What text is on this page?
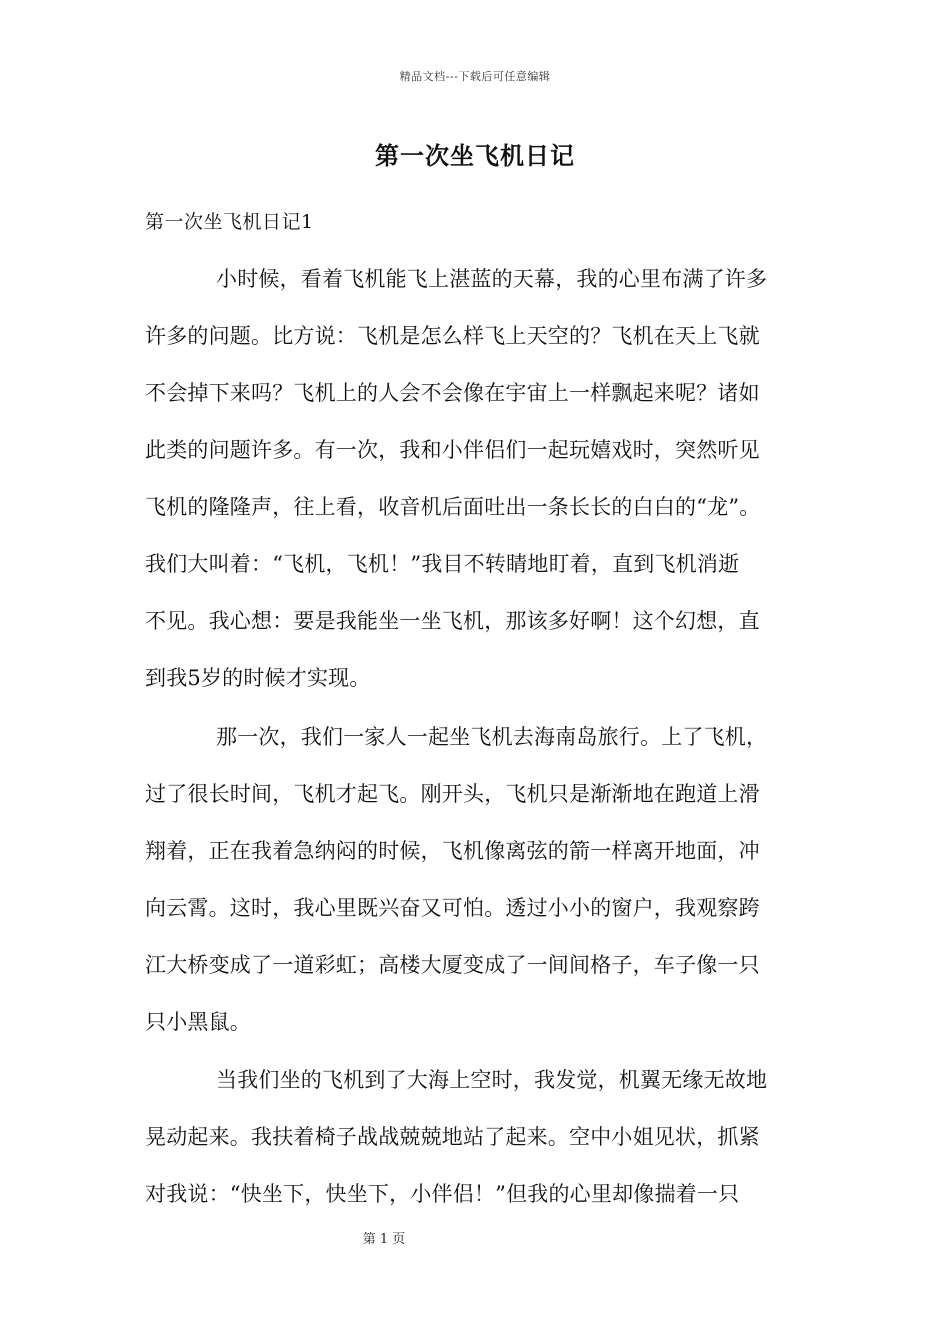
精品文档---下载后可任意编辑
第一次坐飞机日记
第一次坐飞机日记1
小时候，看着飞机能飞上湛蓝的天幕，我的心里布满了许多
许多的问题。比方说：飞机是怎么样飞上天空的？飞机在天上飞就
不会掉下来吗？飞机上的人会不会像在宇宙上一样飘起来呢？诸如
此类的问题许多。有一次，我和小伴侣们一起玩嬉戏时，突然听见
飞机的隆隆声，往上看，收音机后面吐出一条长长的白白的“龙”。
我们大叫着：“飞机，飞机！”我目不转睛地盯着，直到飞机消逝
不见。我心想：要是我能坐一坐飞机，那该多好啊！这个幻想，直
到我5岁的时候才实现。
那一次，我们一家人一起坐飞机去海南岛旅行。上了飞机，
过了很长时间，飞机才起飞。刚开头，飞机只是渐渐地在跑道上滑
翔着，正在我着急纳闷的时候，飞机像离弦的箭一样离开地面，冲
向云霄。这时，我心里既兴奋又可怕。透过小小的窗户，我观察跨
江大桥变成了一道彩虹；高楼大厦变成了一间间格子，车子像一只
只小黑鼠。
当我们坐的飞机到了大海上空时，我发觉，机翼无缘无故地
晃动起来。我扶着椅子战战兢兢地站了起来。空中小姐见状，抓紧
对我说：“快坐下，快坐下，小伴侣！”但我的心里却像揣着一只
第 1 页
